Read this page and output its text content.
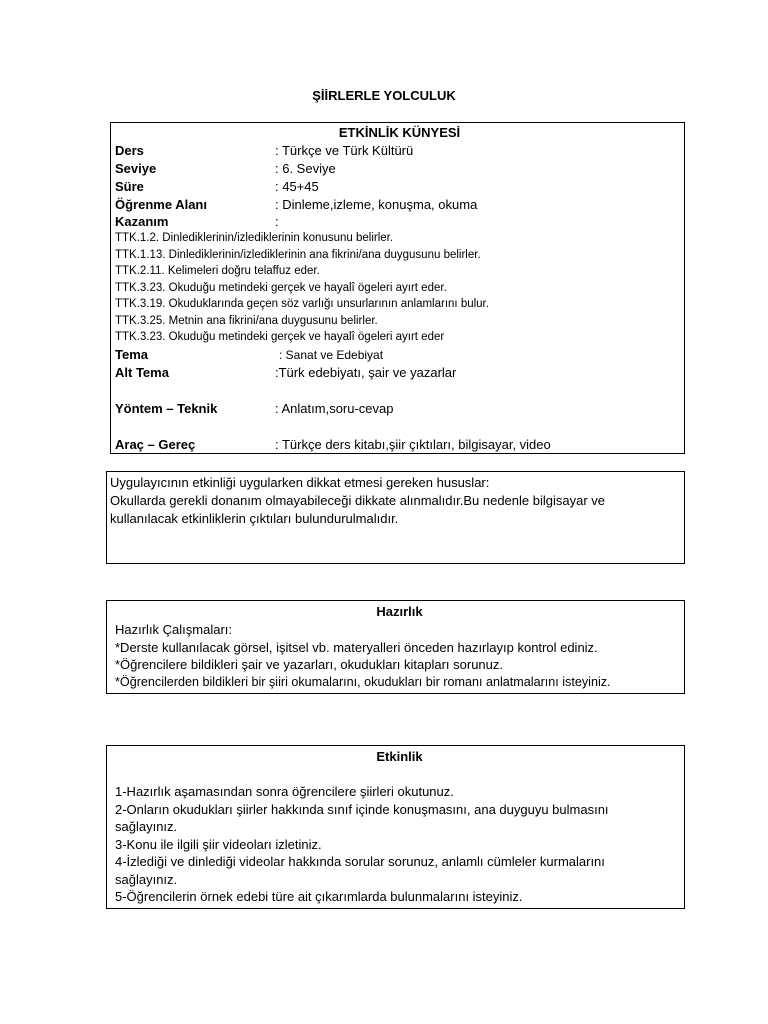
ŞİİRLERLE YOLCULUK
ETKİNLİK KÜNYESİ
Ders	: Türkçe ve Türk Kültürü
Seviye	: 6. Seviye
Süre	: 45+45
Öğrenme Alanı	: Dinleme,izleme, konuşma, okuma
Kazanım	:
TTK.1.2. Dinlediklerinin/izlediklerinin konusunu belirler.
TTK.1.13. Dinlediklerinin/izlediklerinin ana fikrini/ana duygusunu belirler.
TTK.2.11. Kelimeleri doğru telaffuz eder.
TTK.3.23. Okuduğu metindeki gerçek ve hayalî ögeleri ayırt eder.
TTK.3.19. Okuduklarında geçen söz varlığı unsurlarının anlamlarını bulur.
TTK.3.25. Metnin ana fikrini/ana duygusunu belirler.
TTK.3.23. Okuduğu metindeki gerçek ve hayalî ögeleri ayırt eder
Tema	: Sanat ve Edebiyat
Alt Tema	:Türk edebiyatı, şair ve yazarlar
Yöntem – Teknik	: Anlatım,soru-cevap
Araç – Gereç	: Türkçe ders kitabı,şiir çıktıları, bilgisayar, video
Uygulayıcının etkinliği uygularken dikkat etmesi gereken hususlar:
Okullarda gerekli donanım olmayabileceği dikkate alınmalıdır.Bu nedenle bilgisayar ve kullanılacak etkinliklerin çıktıları bulundurulmalıdır.
Hazırlık
Hazırlık Çalışmaları:
*Derste kullanılacak görsel, işitsel vb. materyalleri önceden hazırlayıp kontrol ediniz.
*Öğrencilere bildikleri şair ve yazarları, okudukları kitapları sorunuz.
*Öğrencilerden bildikleri bir şiiri okumalarını, okudukları bir romanı anlatmalarını isteyiniz.
Etkinlik
1-Hazırlık aşamasından sonra öğrencilere şiirleri okutunuz.
2-Onların okudukları şiirler hakkında sınıf içinde konuşmasını, ana duyguyu bulmasını sağlayınız.
3-Konu ile ilgili şiir videoları izletiniz.
4-İzlediği ve dinlediği videolar hakkında sorular sorunuz, anlamlı cümleler kurmalarını sağlayınız.
5-Öğrencilerin örnek edebi türe ait çıkarımlarda bulunmalarını isteyiniz.
